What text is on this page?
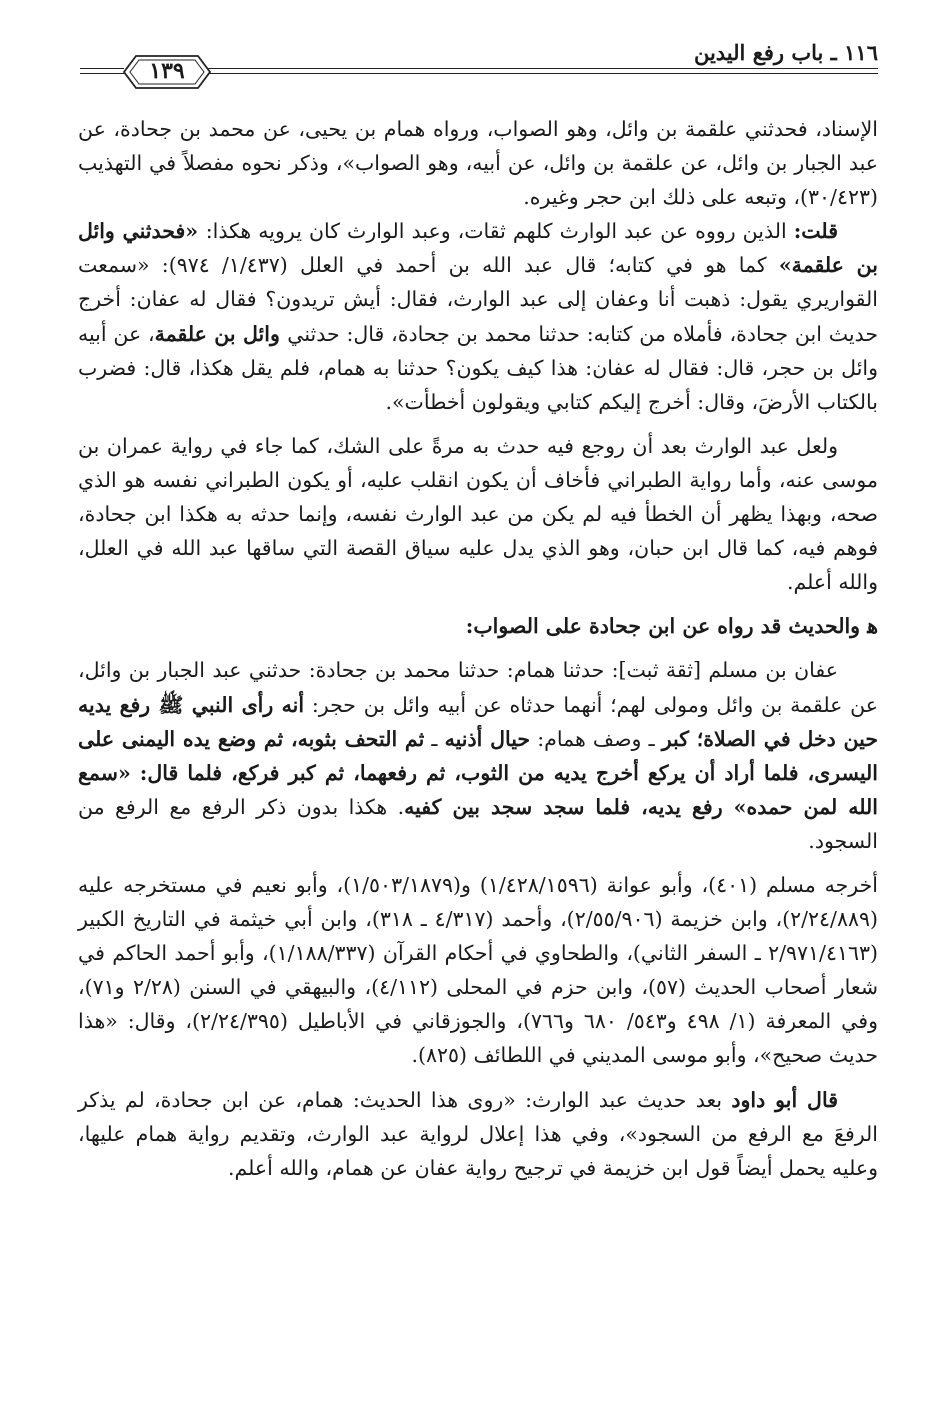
١١٦ ـ باب رفع اليدين
١٣٩

الإسناد، فحدثني علقمة بن وائل، وهو الصواب، ورواه همام بن يحيى، عن محمد بن جحادة، عن عبد الجبار بن وائل، عن علقمة بن وائل، عن أبيه، وهو الصواب»، وذكر نحوه مفصلاً في التهذيب (٣٠/٤٢٣)، وتبعه على ذلك ابن حجر وغيره.

قلت: الذين رووه عن عبد الوارث كلهم ثقات، وعبد الوارث كان يرويه هكذا: «فحدثني وائل بن علقمة» كما هو في كتابه؛ قال عبد الله بن أحمد في العلل (١/٤٣٧/ ٩٧٤): «سمعت القواريري يقول: ذهبت أنا وعفان إلى عبد الوارث، فقال: أيش تريدون؟ فقال له عفان: أخرج حديث ابن جحادة، فأملاه من كتابه: حدثنا محمد بن جحادة، قال: حدثني وائل بن علقمة، عن أبيه وائل بن حجر، قال: فقال له عفان: هذا كيف يكون؟ حدثنا به همام، فلم يقل هكذا، قال: فضرب بالكتاب الأرضَ، وقال: أخرج إليكم كتابي ويقولون أخطأت».

ولعل عبد الوارث بعد أن روجع فيه حدث به مرةً على الشك، كما جاء في رواية عمران بن موسى عنه، وأما رواية الطبراني فأخاف أن يكون انقلب عليه، أو يكون الطبراني نفسه هو الذي صحه، وبهذا يظهر أن الخطأ فيه لم يكن من عبد الوارث نفسه، وإنما حدثه به هكذا ابن جحادة، فوهم فيه، كما قال ابن حبان، وهو الذي يدل عليه سياق القصة التي ساقها عبد الله في العلل، والله أعلم.

ﻫ والحديث قد رواه عن ابن جحادة على الصواب:

عفان بن مسلم [ثقة ثبت]: حدثنا همام: حدثنا محمد بن جحادة: حدثني عبد الجبار بن وائل، عن علقمة بن وائل ومولى لهم؛ أنهما حدثاه عن أبيه وائل بن حجر: أنه رأى النبي ﷺ رفع يديه حين دخل في الصلاة؛ كبر ـ وصف همام: حيال أذنيه ـ ثم التحف بثوبه، ثم وضع يده اليمنى على اليسرى، فلما أراد أن يركع أخرج يديه من الثوب، ثم رفعهما، ثم كبر فركع، فلما قال: «سمع الله لمن حمده» رفع يديه، فلما سجد سجد بين كفيه. هكذا بدون ذكر الرفع مع الرفع من السجود.

أخرجه مسلم (٤٠١)، وأبو عوانة (١/٤٢٨/١٥٩٦) و(١/٥٠٣/١٨٧٩)، وأبو نعيم في مستخرجه عليه (٢/٢٤/٨٨٩)، وابن خزيمة (٢/٥٥/٩٠٦)، وأحمد (٤/٣١٧ ـ ٣١٨)، وابن أبي خيثمة في التاريخ الكبير (٢/٩٧١/٤١٦٣ ـ السفر الثاني)، والطحاوي في أحكام القرآن (١/١٨٨/٣٣٧)، وأبو أحمد الحاكم في شعار أصحاب الحديث (٥٧)، وابن حزم في المحلى (٤/١١٢)، والبيهقي في السنن (٢/٢٨ و٧١)، وفي المعرفة (١/ ٤٩٨ و٥٤٣/ ٦٨٠ و٧٦٦)، والجوزقاني في الأباطيل (٢/٢٤/٣٩٥)، وقال: «هذا حديث صحيح»، وأبو موسى المديني في اللطائف (٨٢٥).

قال أبو داود بعد حديث عبد الوارث: «روى هذا الحديث: همام، عن ابن جحادة، لم يذكر الرفعَ مع الرفع من السجود»، وفي هذا إعلال لرواية عبد الوارث، وتقديم رواية همام عليها، وعليه يحمل أيضاً قول ابن خزيمة في ترجيح رواية عفان عن همام، والله أعلم.
